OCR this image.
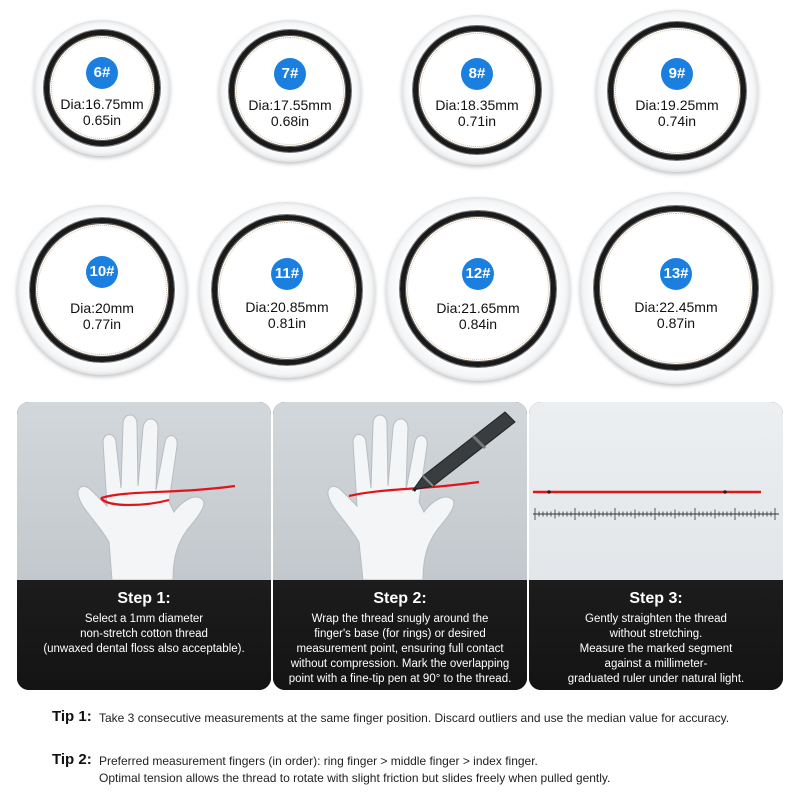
6#
Dia:16.75mm
0.65in
7#
Dia:17.55mm
0.68in
8#
Dia:18.35mm
0.71in
9#
Dia:19.25mm
0.74in
10#
Dia:20mm
0.77in
11#
Dia:20.85mm
0.81in
12#
Dia:21.65mm
0.84in
13#
Dia:22.45mm
0.87in
Step 1:
Select a 1mm diameter
non-stretch cotton thread
(unwaxed dental floss also acceptable).
Step 2:
Wrap the thread snugly around the
finger's base (for rings) or desired
measurement point, ensuring full contact
without compression. Mark the overlapping
point with a fine-tip pen at 90° to the thread.
Step 3:
Gently straighten the thread
without stretching.
Measure the marked segment
against a millimeter-
graduated ruler under natural light.
Tip 1: Take 3 consecutive measurements at the same finger position. Discard outliers and use the median value for accuracy.
Tip 2: Preferred measurement fingers (in order): ring finger > middle finger > index finger.
Optimal tension allows the thread to rotate with slight friction but slides freely when pulled gently.
